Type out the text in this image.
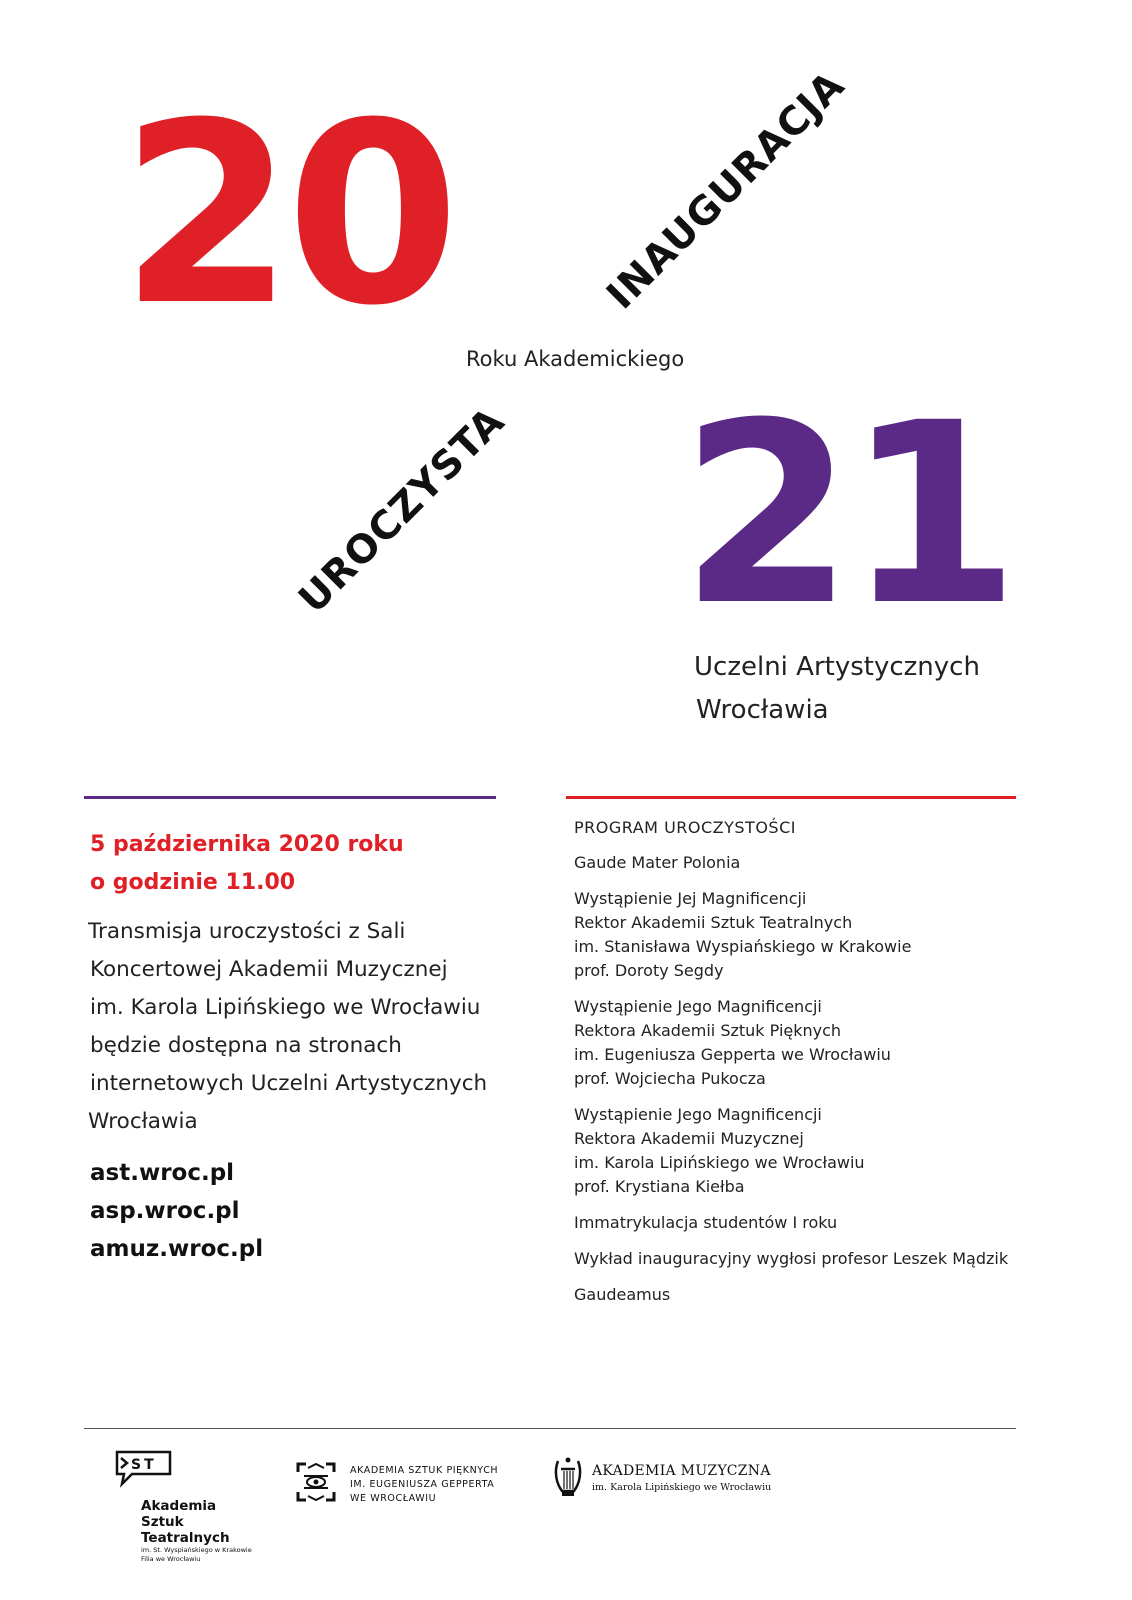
20
21
INAUGURACJA
UROCZYSTA
Roku Akademickiego
Uczelni Artystycznych
Wrocławia
5 października 2020 roku
o godzinie 11.00
Transmisja uroczystości z Sali
Koncertowej Akademii Muzycznej
im. Karola Lipińskiego we Wrocławiu
będzie dostępna na stronach
internetowych Uczelni Artystycznych
Wrocławia
ast.wroc.pl
asp.wroc.pl
amuz.wroc.pl
PROGRAM UROCZYSTOŚCI
Gaude Mater Polonia
Wystąpienie Jej Magnificencji
Rektor Akademii Sztuk Teatralnych
im. Stanisława Wyspiańskiego w Krakowie
prof. Doroty Segdy
Wystąpienie Jego Magnificencji
Rektora Akademii Sztuk Pięknych
im. Eugeniusza Gepperta we Wrocławiu
prof. Wojciecha Pukocza
Wystąpienie Jego Magnificencji
Rektora Akademii Muzycznej
im. Karola Lipińskiego we Wrocławiu
prof. Krystiana Kiełba
Immatrykulacja studentów I roku
Wykład inauguracyjny wygłosi profesor Leszek Mądzik
Gaudeamus
ST
Akademia
Sztuk
Teatralnych
im. St. Wyspiańskiego w Krakowie
Filia we Wrocławiu
AKADEMIA SZTUK PIĘKNYCH
IM. EUGENIUSZA GEPPERTA
WE WROCŁAWIU
AKADEMIA MUZYCZNA
im. Karola Lipińskiego we Wrocławiu
